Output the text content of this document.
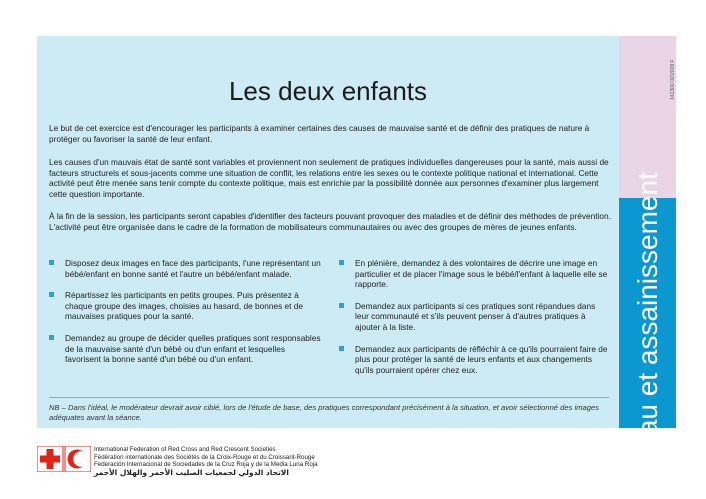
Les deux enfants

Le but de cet exercice est d'encourager les participants à examiner certaines des causes de mauvaise santé et de définir des pratiques de nature à protéger ou favoriser la santé de leur enfant.

Les causes d'un mauvais état de santé sont variables et proviennent non seulement de pratiques individuelles dangereuses pour la santé, mais aussi de facteurs structurels et sous-jacents comme une situation de conflit, les relations entre les sexes ou le contexte politique national et international. Cette activité peut être menée sans tenir compte du contexte politique, mais est enrichie par la possibilité donnée aux personnes d'examiner plus largement cette question importante.

À la fin de la session, les participants seront capables d'identifier des facteurs pouvant provoquer des maladies et de définir des méthodes de prévention. L'activité peut être organisée dans le cadre de la formation de mobilisateurs communautaires ou avec des groupes de mères de jeunes enfants.

Disposez deux images en face des participants, l'une représentant un bébé/enfant en bonne santé et l'autre un bébé/enfant malade.
Répartissez les participants en petits groupes. Puis présentez à chaque groupe des images, choisies au hasard, de bonnes et de mauvaises pratiques pour la santé.
Demandez au groupe de décider quelles pratiques sont responsables de la mauvaise santé d'un bébé ou d'un enfant et lesquelles favorisent la bonne santé d'un bébé ou d'un enfant.
En plénière, demandez à des volontaires de décrire une image en particulier et de placer l'image sous le bébé/l'enfant à laquelle elle se rapporte.
Demandez aux participants si ces pratiques sont répandues dans leur communauté et s'ils peuvent penser à d'autres pratiques à ajouter à la liste.
Demandez aux participants de réfléchir à ce qu'ils pourraient faire de plus pour protéger la santé de leurs enfants et aux changements qu'ils pourraient opérer chez eux.
NB – Dans l'idéal, le modérateur devrait avoir ciblé, lors de l'étude de base, des pratiques correspondant précisément à la situation, et avoir sélectionné des images adéquates avant la séance.	Eau et assainissement
141300 02/2009 F
International Federation of Red Cross and Red Crescent Societies
Fédération internationale des Sociétés de la Croix-Rouge et du Croissant-Rouge
Federación Internacional de Sociedades de la Cruz Roja y de la Media Luna Roja
الاتحاد الدولي لجمعيات الصليب الأحمر والهلال الأحمر
